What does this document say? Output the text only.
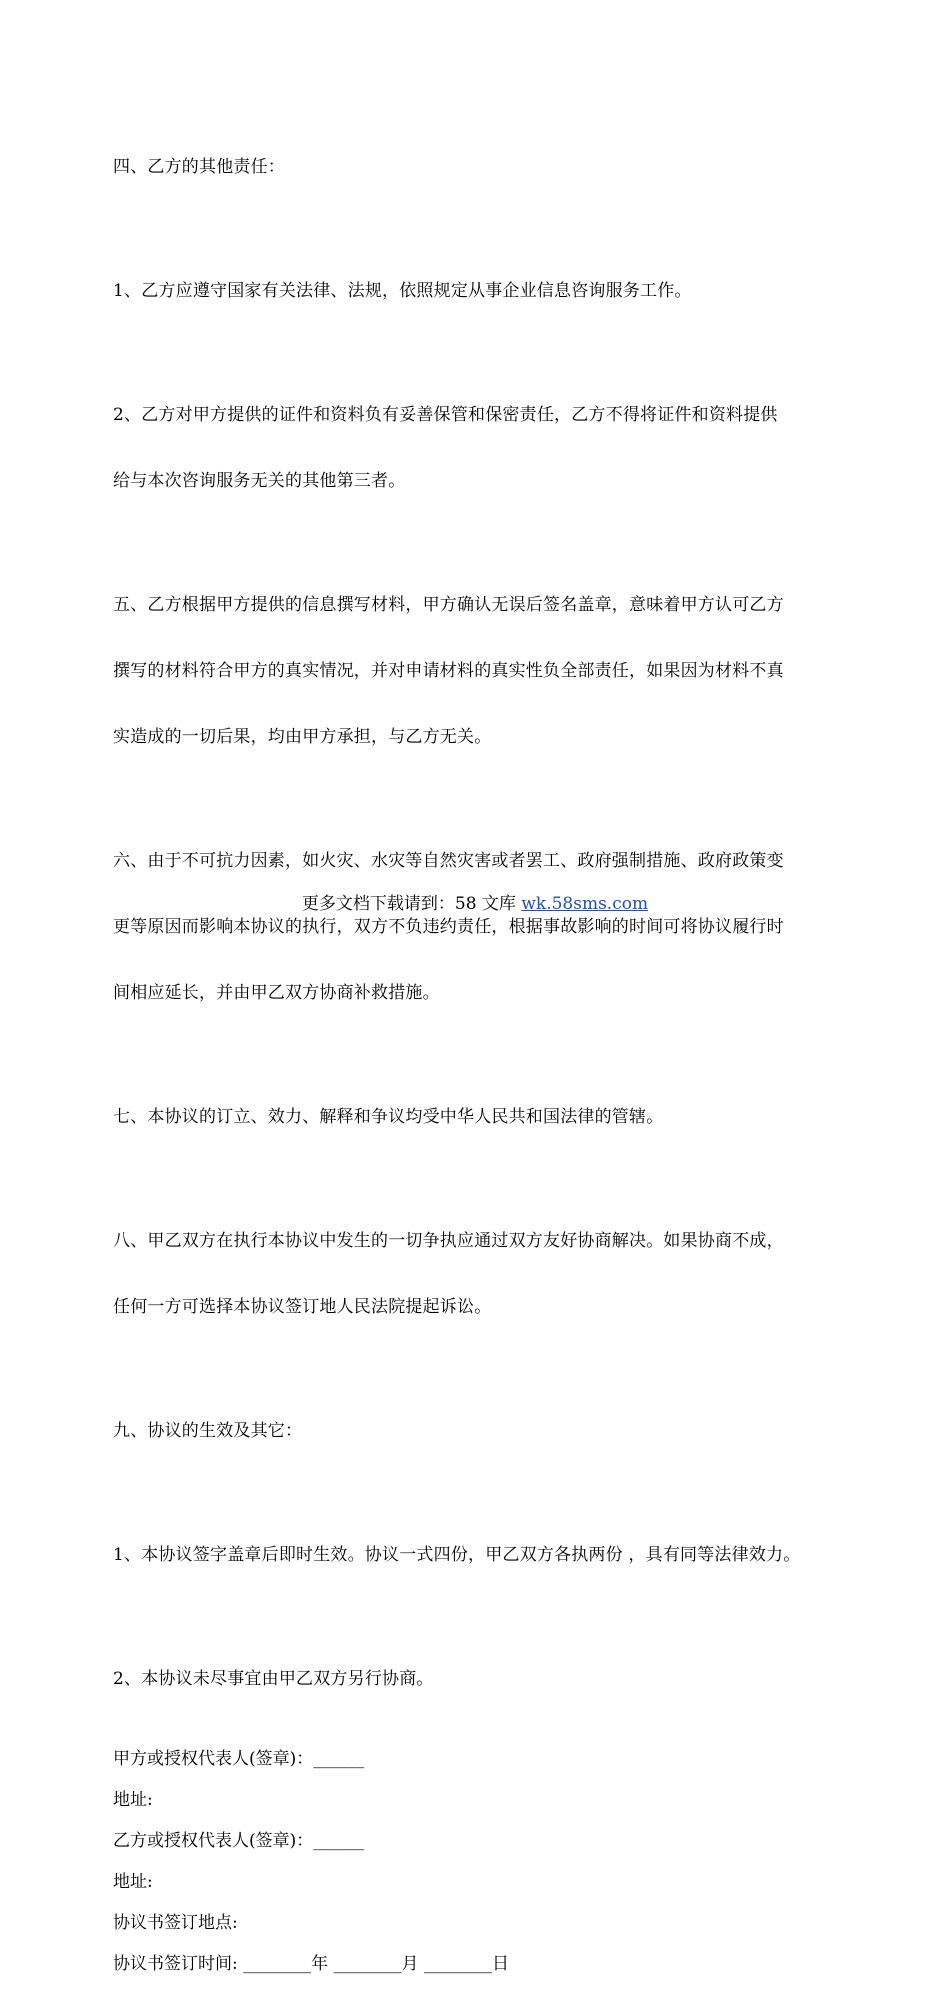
四、乙方的其他责任：

1、乙方应遵守国家有关法律、法规，依照规定从事企业信息咨询服务工作。

2、乙方对甲方提供的证件和资料负有妥善保管和保密责任，乙方不得将证件和资料提供

给与本次咨询服务无关的其他第三者。

五、乙方根据甲方提供的信息撰写材料，甲方确认无误后签名盖章，意味着甲方认可乙方

撰写的材料符合甲方的真实情况，并对申请材料的真实性负全部责任，如果因为材料不真

实造成的一切后果，均由甲方承担，与乙方无关。

六、由于不可抗力因素，如火灾、水灾等自然灾害或者罢工、政府强制措施、政府政策变

更等原因而影响本协议的执行，双方不负违约责任，根据事故影响的时间可将协议履行时

间相应延长，并由甲乙双方协商补救措施。

七、本协议的订立、效力、解释和争议均受中华人民共和国法律的管辖。

八、甲乙双方在执行本协议中发生的一切争执应通过双方友好协商解决。如果协商不成，

任何一方可选择本协议签订地人民法院提起诉讼。

九、协议的生效及其它：

1、本协议签字盖章后即时生效。协议一式四份，甲乙双方各执两份 ，具有同等法律效力。

2、本协议未尽事宜由甲乙双方另行协商。

甲方或授权代表人(签章)：______

地址:

乙方或授权代表人(签章)：______

地址:

协议书签订地点:

协议书签订时间: ________年 ________月 ________日

更多文档下载请到：58 文库 wk.58sms.com
